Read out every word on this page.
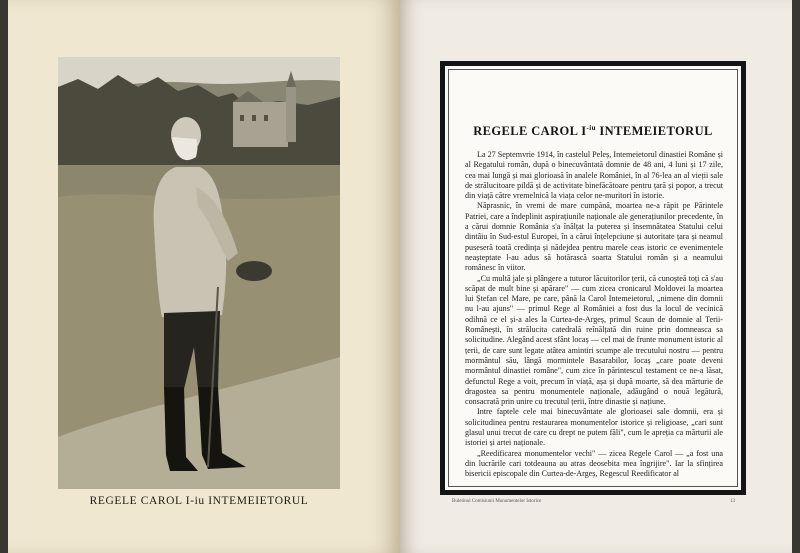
REGELE CAROL I-iu INTEMEIETORUL
REGELE CAROL $I^{-iu}$ INTEMEIETORUL

La 27 Septemvrie 1914, în castelul Peleș, Intemeietorul dinastiei Române și al Regatului român, după o binecuvântată domnie de 48 ani, 4 luni și 17 zile, cea mai lungă și mai glorioasă în analele României, în al 76-lea an al vieții sale de strălucitoare pildă și de activitate binefăcătoare pentru țară și popor, a trecut din viață către vremelnică la viața celor ne-muritori în istorie.

Năprasnic, în vremi de mare cumpănă, moartea ne-a răpit pe Părintele Patriei, care a îndeplinit aspirațiunile naționale ale generațiunilor precedente, în a cărui domnie România s'a înălțat la puterea și însemnătatea Statului celui dintâiu în Sud-estul Europei, în a cărui înțelepciune și autoritate țara și neamul puseseră toată credința și nădejdea pentru marele ceas istoric ce evenimentele neașteptate l-au adus să hotărască soarta Statului român și a neamului românesc în viitor.

„Cu multă jale și plângere a tuturor lăcuitorilor țerii, că cunoșteă toți că s'au scăpat de mult bine și apărare" — cum zicea cronicarul Moldovei la moartea lui Ștefan cel Mare, pe care, până la Carol Intemeietorul, „nimene din domnii nu l-au ajuns" — primul Rege al României a fost dus la locul de vecinică odihnă ce el și-a ales la Curtea-de-Argeș, primul Scaun de domnie al Terii-Românești, în strălucita catedrală reînălțată din ruine prin domneasca sa solicitudine. Alegând acest sfânt locaș — cel mai de frunte monument istoric al țerii, de care sunt legate atâtea amintiri scumpe ale trecutului nostru — pentru mormântul său, lângă mormintele Basarabilor, locaș „care poate deveni mormântul dinastiei române", cum zice în părintescul testament ce ne-a lăsat, defunctul Rege a voit, precum în viață, așa și după moarte, să dea mărturie de dragostea sa pentru monumentele naționale, adăugând o nouă legătură, consacrată prin unire cu trecutul țerii, între dinastie și națiune.

Intre faptele cele mai binecuvântate ale glorioasei sale domnii, era și solicitudinea pentru restaurarea monumentelor istorice și religioase, „cari sunt glasul unui trecut de care cu drept ne putem făli", cum le apreția ca mărturii ale istoriei și artei naționale.

„Reedificarea monumentelor vechi" — zicea Regele Carol — „a fost una din lucrările cari totdeauna au atras deosebita mea îngrijire". Iar la sfințirea bisericii episcopale din Curtea-de-Argeș, Regescul Reedificator al

Buletinul Comisiunii Monumentelor Istorice	13
